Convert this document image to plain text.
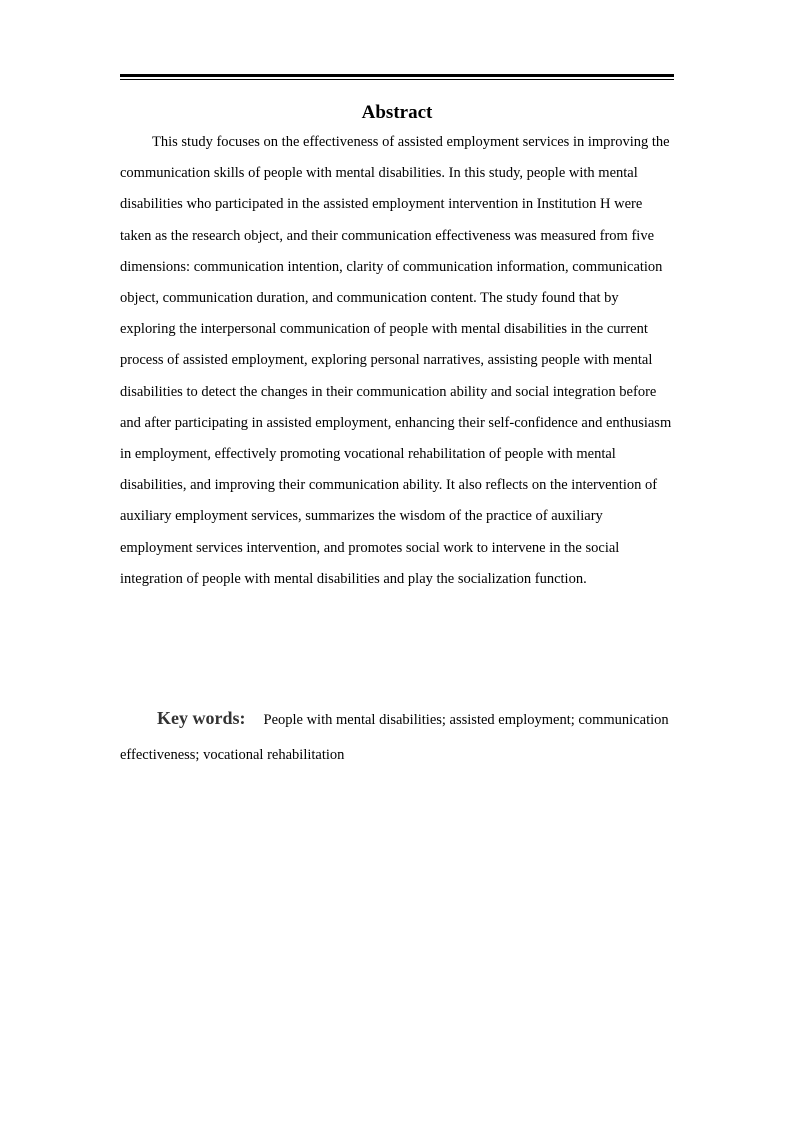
Abstract

This study focuses on the effectiveness of assisted employment services in improving the communication skills of people with mental disabilities. In this study, people with mental disabilities who participated in the assisted employment intervention in Institution H were taken as the research object, and their communication effectiveness was measured from five dimensions: communication intention, clarity of communication information, communication object, communication duration, and communication content. The study found that by exploring the interpersonal communication of people with mental disabilities in the current process of assisted employment, exploring personal narratives, assisting people with mental disabilities to detect the changes in their communication ability and social integration before and after participating in assisted employment, enhancing their self-confidence and enthusiasm in employment, effectively promoting vocational rehabilitation of people with mental disabilities, and improving their communication ability. It also reflects on the intervention of auxiliary employment services, summarizes the wisdom of the practice of auxiliary employment services intervention, and promotes social work to intervene in the social integration of people with mental disabilities and play the socialization function.

Key words: People with mental disabilities; assisted employment; communication effectiveness; vocational rehabilitation
